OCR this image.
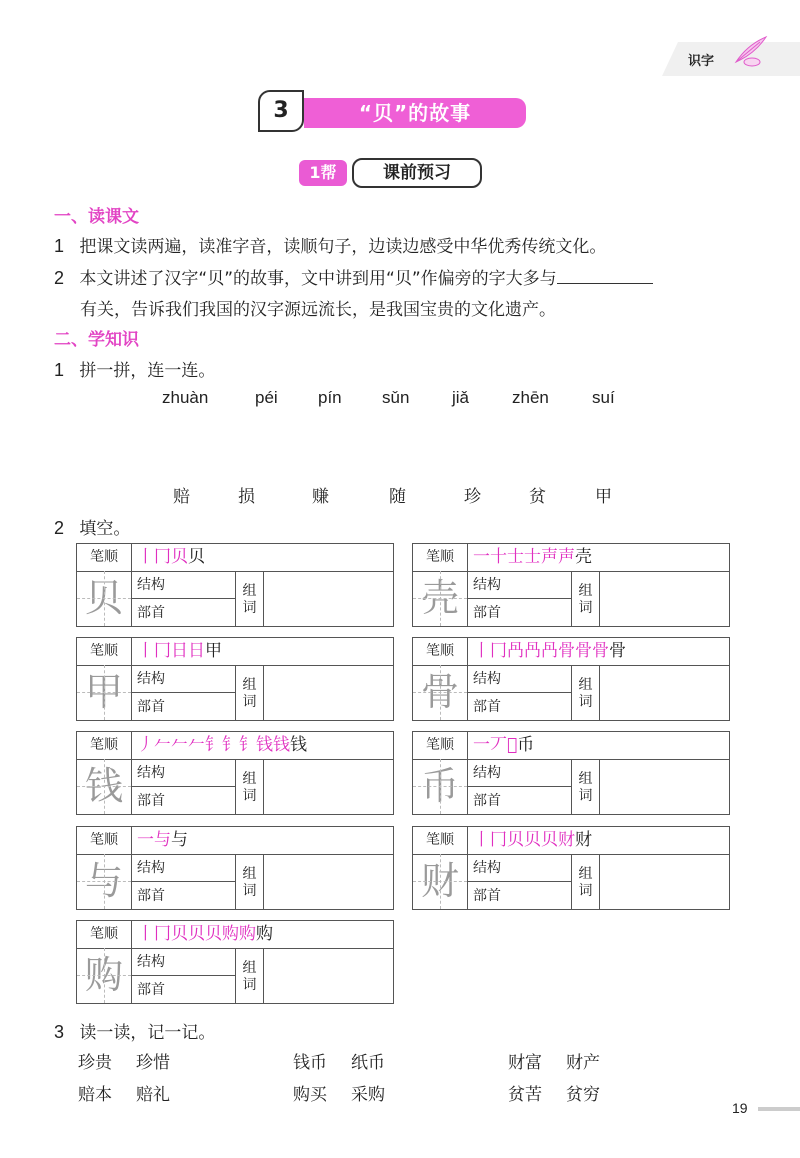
识字
“贝”的故事
3
1帮	课前预习
一、读课文
1 把课文读两遍，读准字音，读顺句子，边读边感受中华优秀传统文化。
2 本文讲述了汉字“贝”的故事，文中讲到用“贝”作偏旁的字大多与
有关，告诉我们我国的汉字源远流长，是我国宝贵的文化遗产。
二、学知识
1 拼一拼，连一连。
zhuàn	péi pín sǔn	jiǎ	zhēn	suí
赔	损	赚	随	珍	贫	甲
2 填空。
笔顺	丨冂贝贝
贝	结构
部首
组
词
笔顺	一十士士声声壳
壳	结构
部首
组
词
笔顺	丨冂日日甲
甲	结构
部首
组
词
笔顺	丨冂冎冎冎骨骨骨骨
骨	结构
部首
组
词
笔顺	丿𠂉𠂉𠂉钅钅钅钱钱钱
钱	结构
部首
组
词
笔顺	一丆𠂋币
币	结构
部首
组
词
笔顺	一与与
与	结构
部首
组
词
笔顺	丨冂贝贝贝财财
财	结构
部首
组
词
笔顺	丨冂贝贝贝购购购
购	结构
部首
组
词
3 读一读，记一记。
珍贵 珍惜	钱币 纸币	财富 财产
赔本 赔礼	购买 采购	贫苦 贫穷
19
